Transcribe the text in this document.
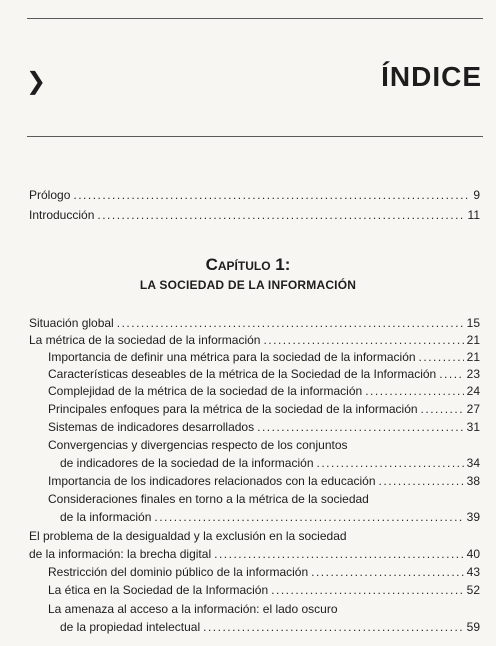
❯	ÍNDICE
Prólogo .....	9
Introducción .....	11
Capítulo 1:
LA SOCIEDAD DE LA INFORMACIÓN
Situación global .....	15
La métrica de la sociedad de la información .....	21
Importancia de definir una métrica para la sociedad de la información .....	21
Características deseables de la métrica de la Sociedad de la Información .....	23
Complejidad de la métrica de la sociedad de la información .....	24
Principales enfoques para la métrica de la sociedad de la información .....	27
Sistemas de indicadores desarrollados .....	31
Convergencias y divergencias respecto de los conjuntos
de indicadores de la sociedad de la información .....	34
Importancia de los indicadores relacionados con la educación .....	38
Consideraciones finales en torno a la métrica de la sociedad
de la información .....	39
El problema de la desigualdad y la exclusión en la sociedad
de la información: la brecha digital .....	40
Restricción del dominio público de la información .....	43
La ética en la Sociedad de la Información .....	52
La amenaza al acceso a la información: el lado oscuro
de la propiedad intelectual .....	59
